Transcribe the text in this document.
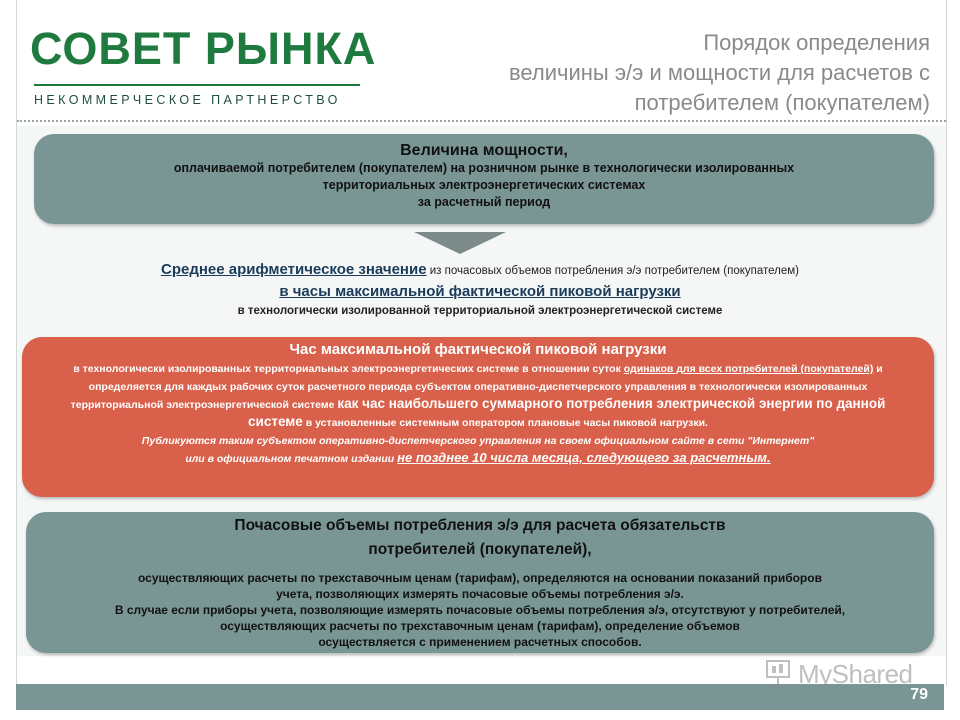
СОВЕТ РЫНКА
НЕКОММЕРЧЕСКОЕ ПАРТНЕРСТВО
Порядок определения
величины э/э и мощности для расчетов с
потребителем (покупателем)
Величина мощности,
оплачиваемой потребителем (покупателем) на розничном рынке в технологически изолированных
территориальных электроэнергетических системах
за расчетный период
Среднее арифметическое значение из почасовых объемов потребления э/э потребителем (покупателем)
в часы максимальной фактической пиковой нагрузки
в технологически изолированной территориальной электроэнергетической системе
Час максимальной фактической пиковой нагрузки
в технологически изолированных территориальных электроэнергетических системе в отношении суток одинаков для всех потребителей (покупателей) и определяется для каждых рабочих суток расчетного периода субъектом оперативно-диспетчерского управления в технологически изолированных территориальной электроэнергетической системе как час наибольшего суммарного потребления электрической энергии по данной системе в установленные системным оператором плановые часы пиковой нагрузки.
Публикуются таким субъектом оперативно-диспетчерского управления на своем официальном сайте в сети "Интернет"
или в официальном печатном издании не позднее 10 числа месяца, следующего за расчетным.
Почасовые объемы потребления э/э для расчета обязательств
потребителей (покупателей),
осуществляющих расчеты по трехставочным ценам (тарифам), определяются на основании показаний приборов
учета, позволяющих измерять почасовые объемы потребления э/э.
В случае если приборы учета, позволяющие измерять почасовые объемы потребления э/э, отсутствуют у потребителей,
осуществляющих расчеты по трехставочным ценам (тарифам), определение объемов
осуществляется с применением расчетных способов.
MyShared
79
